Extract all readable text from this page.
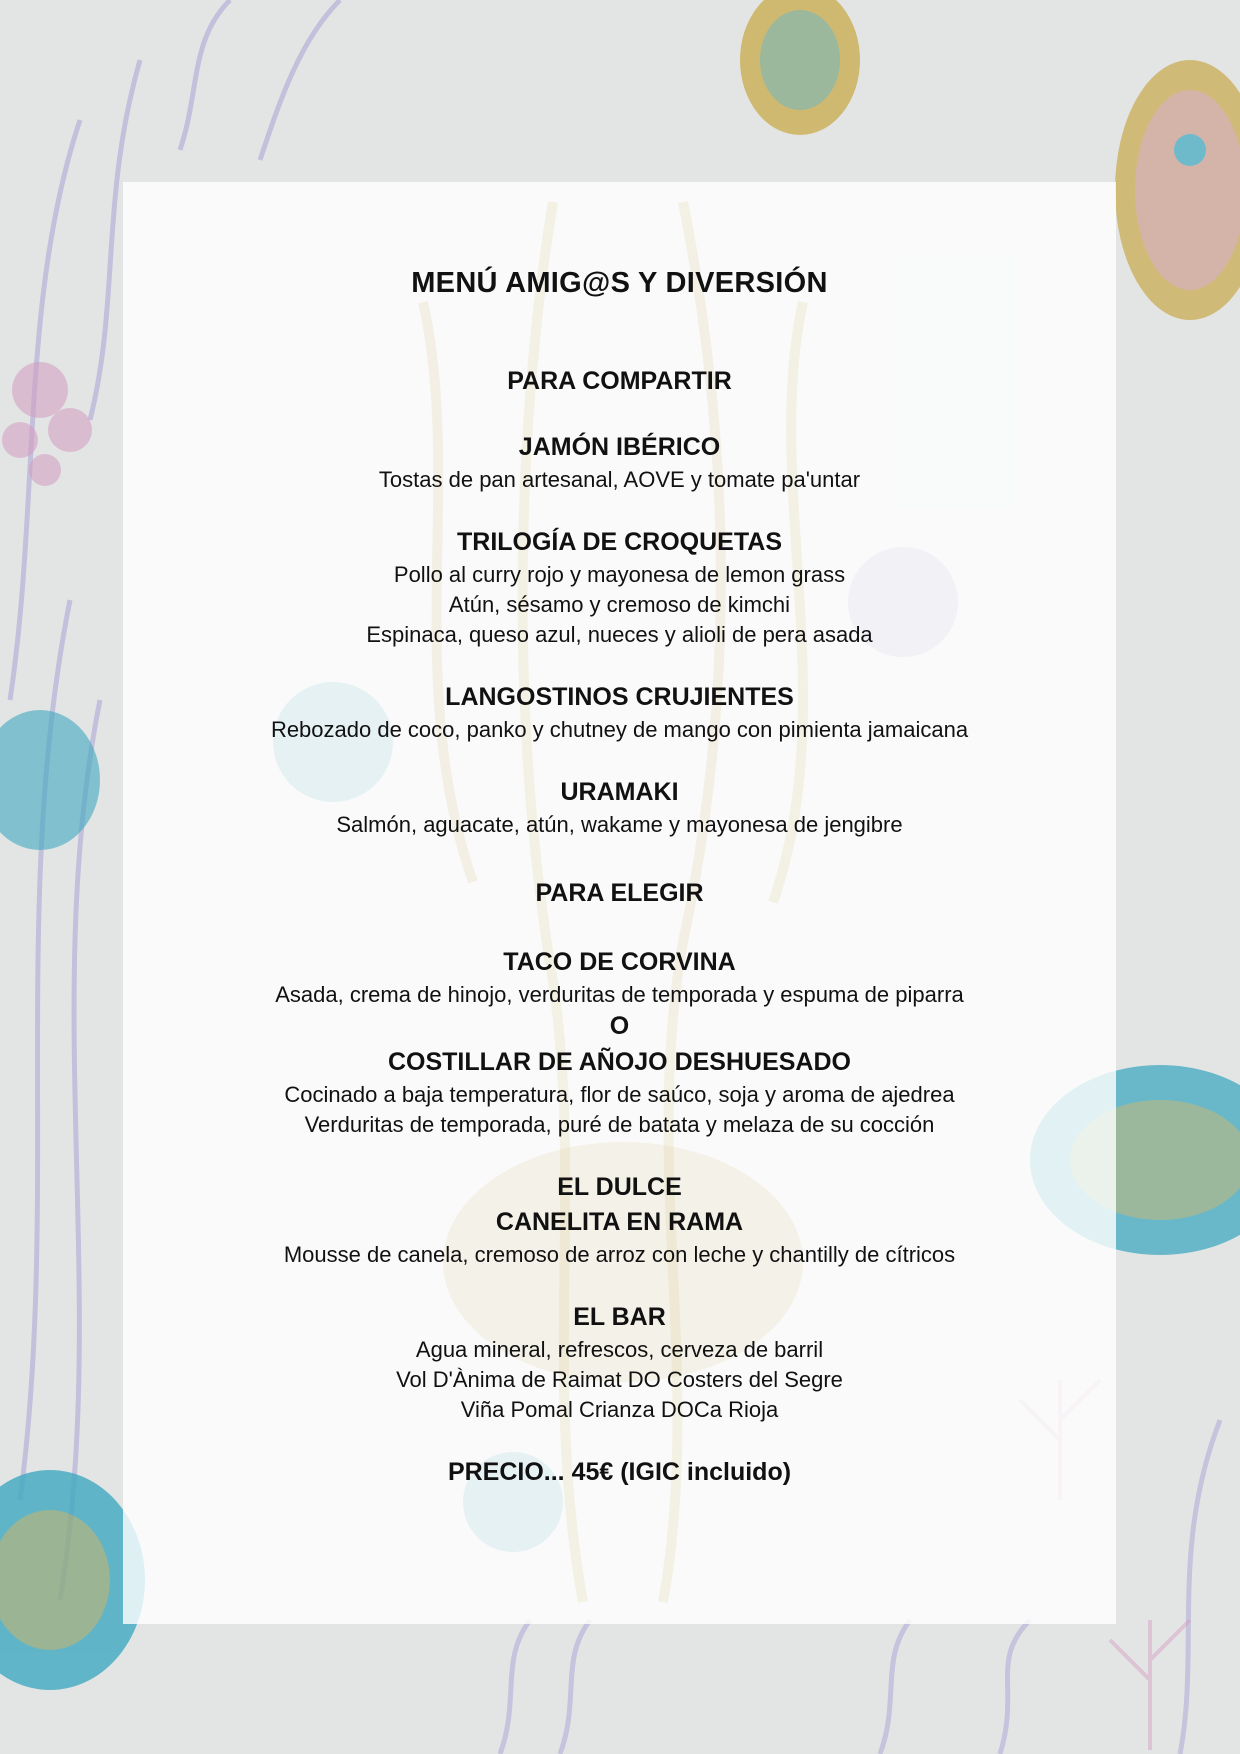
MENÚ AMIG@S Y DIVERSIÓN
PARA COMPARTIR
JAMÓN IBÉRICO
Tostas de pan artesanal, AOVE y tomate pa'untar
TRILOGÍA DE CROQUETAS
Pollo al curry rojo y mayonesa de lemon grass
Atún, sésamo y cremoso de kimchi
Espinaca, queso azul, nueces y alioli de pera asada
LANGOSTINOS CRUJIENTES
Rebozado de coco, panko y chutney de mango con pimienta jamaicana
URAMAKI
Salmón, aguacate, atún, wakame y mayonesa de jengibre
PARA ELEGIR
TACO DE CORVINA
Asada, crema de hinojo, verduritas de temporada y espuma de piparra
O
COSTILLAR DE AÑOJO DESHUESADO
Cocinado a baja temperatura, flor de saúco, soja y aroma de ajedrea
Verduritas de temporada, puré de batata y melaza de su cocción
EL DULCE
CANELITA EN RAMA
Mousse de canela, cremoso de arroz con leche y chantilly de cítricos
EL BAR
Agua mineral, refrescos, cerveza de barril
Vol D'Ànima de Raimat DO Costers del Segre
Viña Pomal Crianza DOCa Rioja
PRECIO... 45€ (IGIC incluido)
